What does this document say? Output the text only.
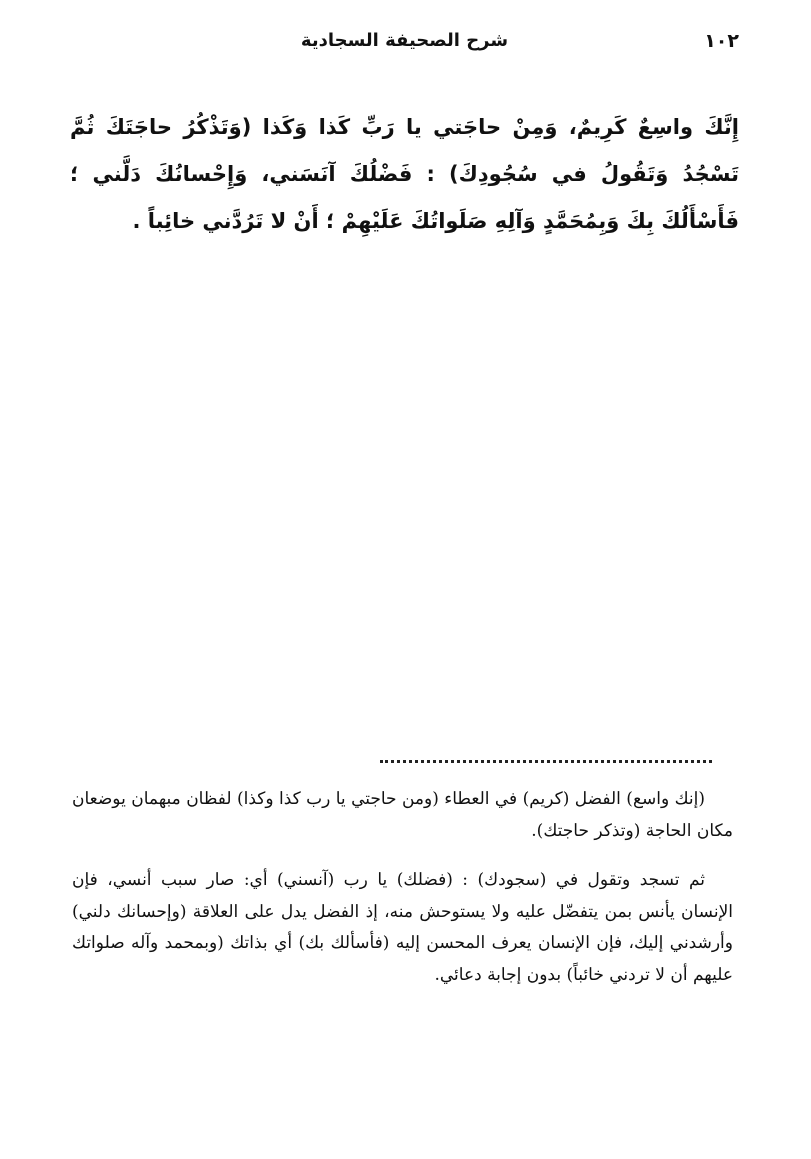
١٠٢
شرح الصحيفة السجادية
إِنَّكَ واسِعٌ كَرِيمٌ، وَمِنْ حاجَتي يا رَبِّ كَذا وَكَذا (وَتَذْكُرُ حاجَتَكَ ثُمَّ تَسْجُدُ وَتَقُولُ في سُجُودِكَ) : فَضْلُكَ آنَسَني، وَإِحْسانُكَ دَلَّني ؛ فَأَسْأَلُكَ بِكَ وَبِمُحَمَّدٍ وَآلِهِ صَلَواتُكَ عَلَيْهِمْ ؛ أَنْ لا تَرُدَّني خائِباً .

(إنك واسع) الفضل (كريم) في العطاء (ومن حاجتي يا رب كذا وكذا) لفظان مبهمان يوضعان مكان الحاجة (وتذكر حاجتك).

ثم تسجد وتقول في (سجودك) : (فضلك) يا رب (آنسني) أي: صار سبب أنسي، فإن الإنسان يأنس بمن يتفضّل عليه ولا يستوحش منه، إذ الفضل يدل على العلاقة (وإحسانك دلني) وأرشدني إليك، فإن الإنسان يعرف المحسن إليه (فأسألك بك) أي بذاتك (وبمحمد وآله صلواتك عليهم أن لا تردني خائباً) بدون إجابة دعائي.
